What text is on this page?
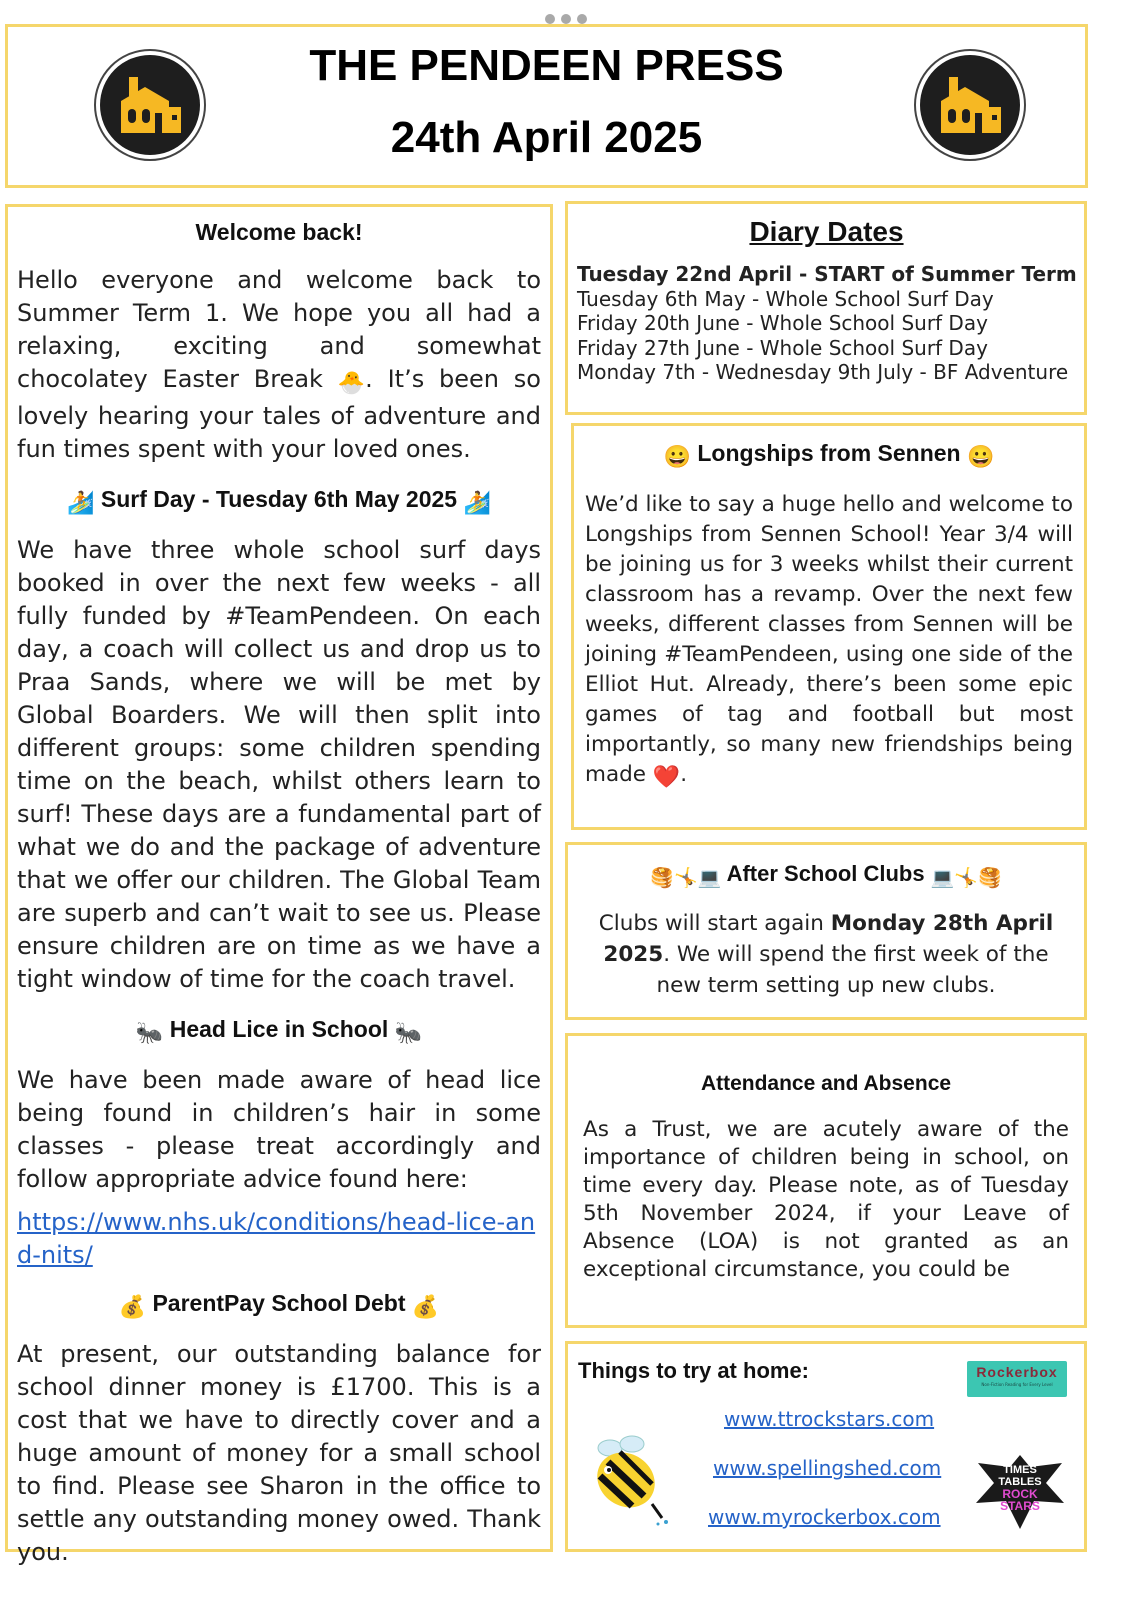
THE PENDEEN PRESS
24th April 2025
Welcome back!
Hello everyone and welcome back to Summer Term 1. We hope you all had a relaxing, exciting and somewhat chocolatey Easter Break 🐣. It’s been so lovely hearing your tales of adventure and fun times spent with your loved ones.
🏄 Surf Day - Tuesday 6th May 2025 🏄
We have three whole school surf days booked in over the next few weeks - all fully funded by #TeamPendeen. On each day, a coach will collect us and drop us to Praa Sands, where we will be met by Global Boarders. We will then split into different groups: some children spending time on the beach, whilst others learn to surf! These days are a fundamental part of what we do and the package of adventure that we offer our children. The Global Team are superb and can’t wait to see us. Please ensure children are on time as we have a tight window of time for the coach travel.
🐜 Head Lice in School 🐜
We have been made aware of head lice being found in children’s hair in some classes - please treat accordingly and follow appropriate advice found here:
https://www.nhs.uk/conditions/head-lice-and-nits/
💰 ParentPay School Debt 💰
At present, our outstanding balance for school dinner money is £1700. This is a cost that we have to directly cover and a huge amount of money for a small school to find. Please see Sharon in the office to settle any outstanding money owed. Thank you.
Diary Dates
Tuesday 22nd April - START of Summer Term
Tuesday 6th May - Whole School Surf Day
Friday 20th June - Whole School Surf Day
Friday 27th June - Whole School Surf Day
Monday 7th - Wednesday 9th July - BF Adventure
😀 Longships from Sennen 😀
We’d like to say a huge hello and welcome to Longships from Sennen School! Year 3/4 will be joining us for 3 weeks whilst their current classroom has a revamp. Over the next few weeks, different classes from Sennen will be joining #TeamPendeen, using one side of the Elliot Hut. Already, there’s been some epic games of tag and football but most importantly, so many new friendships being made ❤️.
🥞🤸💻 After School Clubs 💻🤸🥞
Clubs will start again Monday 28th April 2025. We will spend the first week of the new term setting up new clubs.
Attendance and Absence
As a Trust, we are acutely aware of the importance of children being in school, on time every day. Please note, as of Tuesday 5th November 2024, if your Leave of Absence (LOA) is not granted as an exceptional circumstance, you could be
Things to try at home:	Rockerbox
Non-Fiction Reading for Every Level
www.ttrockstars.com
www.spellingshed.com
www.myrockerbox.com
TIMES
TABLES
ROCK
STARS
